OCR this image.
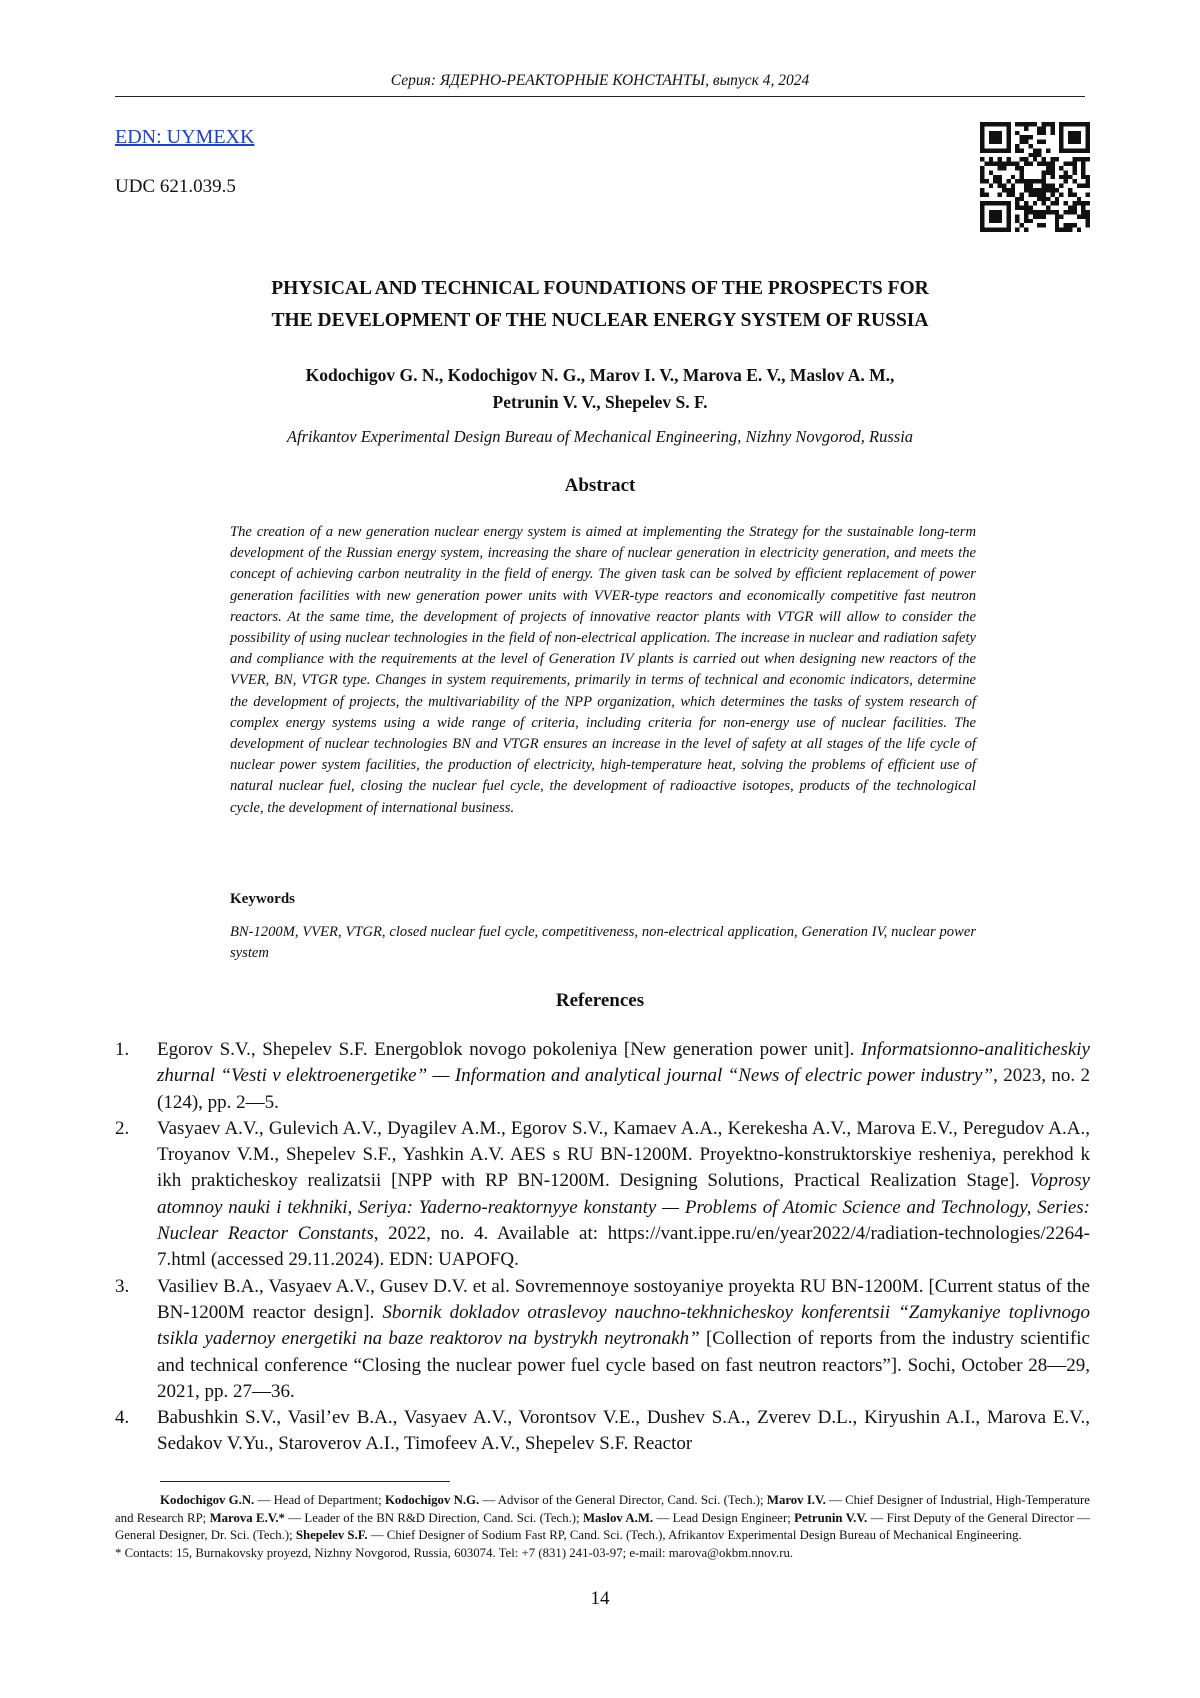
Серия: ЯДЕРНО-РЕАКТОРНЫЕ КОНСТАНТЫ, выпуск 4, 2024
EDN: UYMEXK
UDC 621.039.5
PHYSICAL AND TECHNICAL FOUNDATIONS OF THE PROSPECTS FOR
THE DEVELOPMENT OF THE NUCLEAR ENERGY SYSTEM OF RUSSIA
Kodochigov G. N., Kodochigov N. G., Marov I. V., Marova E. V., Maslov A. M.,
Petrunin V. V., Shepelev S. F.
Afrikantov Experimental Design Bureau of Mechanical Engineering, Nizhny Novgorod, Russia
Abstract
The creation of a new generation nuclear energy system is aimed at implementing the Strategy for the sustainable long-term development of the Russian energy system, increasing the share of nuclear generation in electricity generation, and meets the concept of achieving carbon neutrality in the field of energy. The given task can be solved by efficient replacement of power generation facilities with new generation power units with VVER-type reactors and economically competitive fast neutron reactors. At the same time, the development of projects of innovative reactor plants with VTGR will allow to consider the possibility of using nuclear technologies in the field of non-electrical application. The increase in nuclear and radiation safety and compliance with the requirements at the level of Generation IV plants is carried out when designing new reactors of the VVER, BN, VTGR type. Changes in system requirements, primarily in terms of technical and economic indicators, determine the development of projects, the multivariability of the NPP organization, which determines the tasks of system research of complex energy systems using a wide range of criteria, including criteria for non-energy use of nuclear facilities. The development of nuclear technologies BN and VTGR ensures an increase in the level of safety at all stages of the life cycle of nuclear power system facilities, the production of electricity, high-temperature heat, solving the problems of efficient use of natural nuclear fuel, closing the nuclear fuel cycle, the development of radioactive isotopes, products of the technological cycle, the development of international business.
Keywords
BN-1200M, VVER, VTGR, closed nuclear fuel cycle, competitiveness, non-electrical application, Generation IV, nuclear power system
References
1. Egorov S.V., Shepelev S.F. Energoblok novogo pokoleniya [New generation power unit]. Informatsionno-analiticheskiy zhurnal “Vesti v elektroenergetike” — Information and analytical journal “News of electric power industry”, 2023, no. 2 (124), pp. 2—5.
2. Vasyaev A.V., Gulevich A.V., Dyagilev A.M., Egorov S.V., Kamaev A.A., Kerekesha A.V., Marova E.V., Peregudov A.A., Troyanov V.M., Shepelev S.F., Yashkin A.V. AES s RU BN-1200M. Proyektno-konstruktorskiye resheniya, perekhod k ikh prakticheskoy realizatsii [NPP with RP BN-1200M. Designing Solutions, Practical Realization Stage]. Voprosy atomnoy nauki i tekhniki, Seriya: Yaderno-reaktornyye konstanty — Problems of Atomic Science and Technology, Series: Nuclear Reactor Constants, 2022, no. 4. Available at: https://vant.ippe.ru/en/year2022/4/radiation-technologies/2264-7.html (accessed 29.11.2024). EDN: UAPOFQ.
3. Vasiliev B.A., Vasyaev A.V., Gusev D.V. et al. Sovremennoye sostoyaniye proyekta RU BN-1200M. [Current status of the BN-1200M reactor design]. Sbornik dokladov otraslevoy nauchno-tekhnicheskoy konferentsii “Zamykaniye toplivnogo tsikla yadernoy energetiki na baze reaktorov na bystrykh neytronakh” [Collection of reports from the industry scientific and technical conference “Closing the nuclear power fuel cycle based on fast neutron reactors”]. Sochi, October 28—29, 2021, pp. 27—36.
4. Babushkin S.V., Vasil’ev B.A., Vasyaev A.V., Vorontsov V.E., Dushev S.A., Zverev D.L., Kiryushin A.I., Marova E.V., Sedakov V.Yu., Staroverov A.I., Timofeev A.V., Shepelev S.F. Reactor

Kodochigov G.N. — Head of Department; Kodochigov N.G. — Advisor of the General Director, Cand. Sci. (Tech.); Marov I.V. — Chief Designer of Industrial, High-Temperature and Research RP; Marova E.V.* — Leader of the BN R&D Direction, Cand. Sci. (Tech.); Maslov A.M. — Lead Design Engineer; Petrunin V.V. — First Deputy of the General Director — General Designer, Dr. Sci. (Tech.); Shepelev S.F. — Chief Designer of Sodium Fast RP, Cand. Sci. (Tech.), Afrikantov Experimental Design Bureau of Mechanical Engineering.

* Contacts: 15, Burnakovsky proyezd, Nizhny Novgorod, Russia, 603074. Tel: +7 (831) 241-03-97; e-mail: marova@okbm.nnov.ru.

14
